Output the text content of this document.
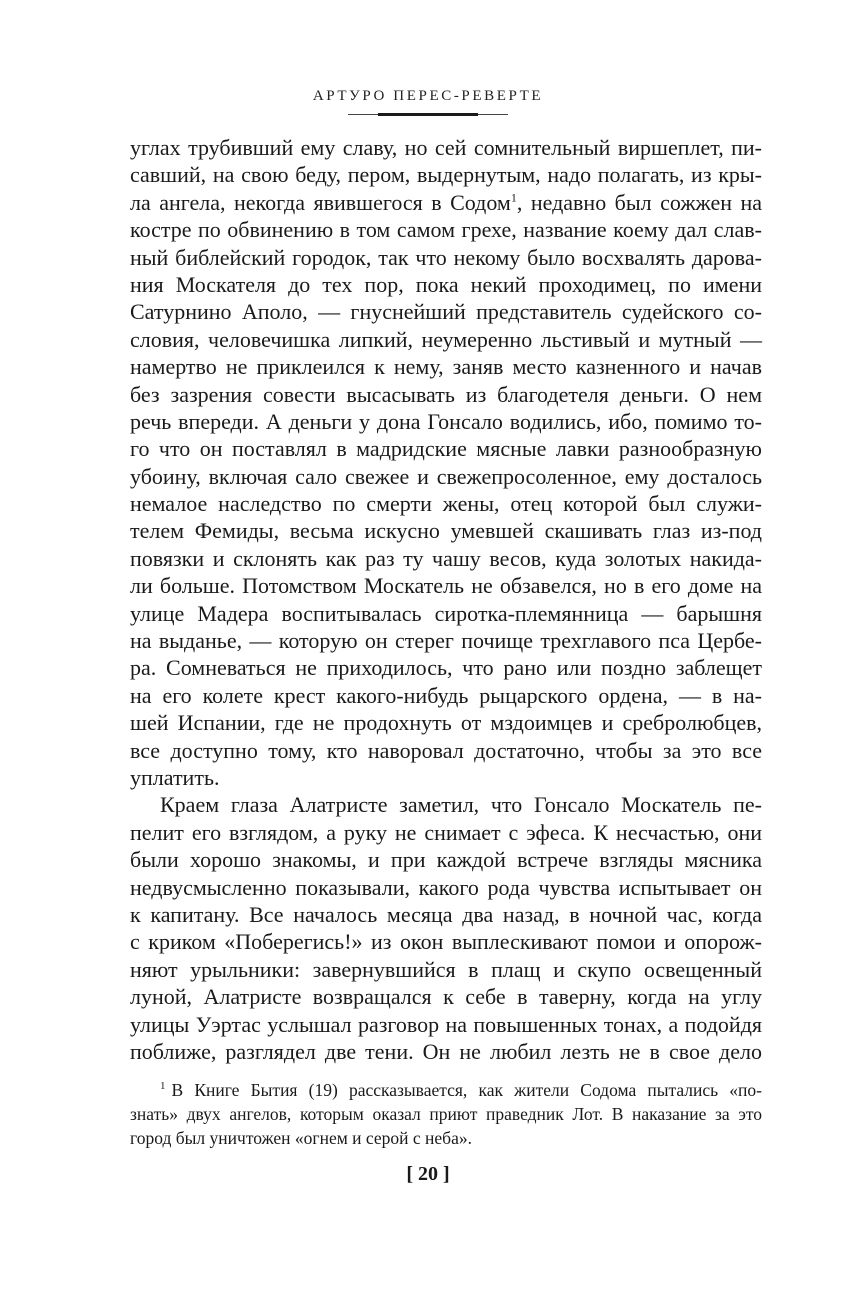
АРТУРО ПЕРЕС-РЕВЕРТЕ
углах трубивший ему славу, но сей сомнительный виршеплет, пи-
савший, на свою беду, пером, выдернутым, надо полагать, из кры-
ла ангела, некогда явившегося в Содом$^1$, недавно был сожжен на
костре по обвинению в том самом грехе, название коему дал слав-
ный библейский городок, так что некому было восхвалять дарова-
ния Москателя до тех пор, пока некий проходимец, по имени
Сатурнино Аполо, — гнуснейший представитель судейского со-
словия, человечишка липкий, неумеренно льстивый и мутный —
намертво не приклеился к нему, заняв место казненного и начав
без зазрения совести высасывать из благодетеля деньги. О нем
речь впереди. А деньги у дона Гонсало водились, ибо, помимо то-
го что он поставлял в мадридские мясные лавки разнообразную
убоину, включая сало свежее и свежепросоленное, ему досталось
немалое наследство по смерти жены, отец которой был служи-
телем Фемиды, весьма искусно умевшей скашивать глаз из-под
повязки и склонять как раз ту чашу весов, куда золотых накида-
ли больше. Потомством Москатель не обзавелся, но в его доме на
улице Мадера воспитывалась сиротка-племянница — барышня
на выданье, — которую он стерег почище трехглавого пса Цербе-
ра. Сомневаться не приходилось, что рано или поздно заблещет
на его колете крест какого-нибудь рыцарского ордена, — в на-
шей Испании, где не продохнуть от мздоимцев и сребролюбцев,
все доступно тому, кто наворовал достаточно, чтобы за это все
уплатить.
Краем глаза Алатристе заметил, что Гонсало Москатель пе-
пелит его взглядом, а руку не снимает с эфеса. К несчастью, они
были хорошо знакомы, и при каждой встрече взгляды мясника
недвусмысленно показывали, какого рода чувства испытывает он
к капитану. Все началось месяца два назад, в ночной час, когда
с криком «Поберегись!» из окон выплескивают помои и опорож-
няют урыльники: завернувшийся в плащ и скупо освещенный
луной, Алатристе возвращался к себе в таверну, когда на углу
улицы Уэртас услышал разговор на повышенных тонах, а подойдя
поближе, разглядел две тени. Он не любил лезть не в свое дело
$^1$ В Книге Бытия (19) рассказывается, как жители Содома пытались «по-
знать» двух ангелов, которым оказал приют праведник Лот. В наказание за это
город был уничтожен «огнем и серой с неба».
[ 20 ]
